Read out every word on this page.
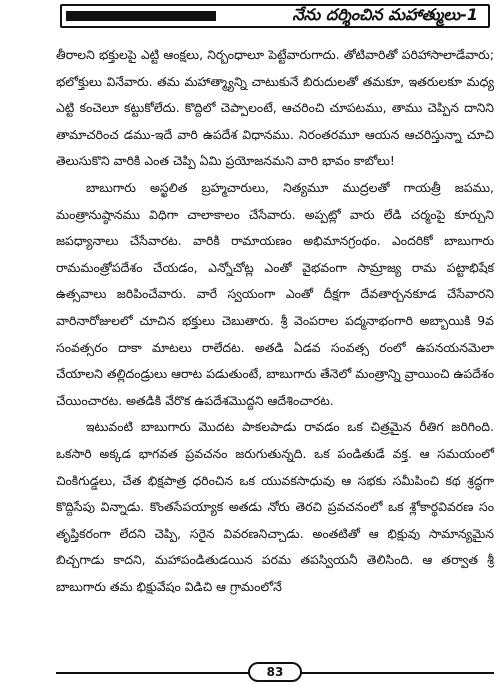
నేను దర్శించిన మహాత్ములు-1

తీరాలని భక్తులపై ఎట్టి ఆంక్షలు, నిర్బంధాలూ పెట్టేవారుగాదు. తోటివారితో పరిహాసాలాడేవారు; భలోక్తులు వినేవారు. తమ మహాత్మ్యాన్ని చాటుకునే బిరుదులతో తమకూ, ఇతరులకూ మధ్య ఎట్టి కంచెలూ కట్టుకోలేదు. కొద్దిలో చెప్పాలంటే, ఆచరించి చూపటము, తాము చెప్పిన దానిని తామాచరించ డము-ఇదే వారి ఉపదేశ విధానము. నిరంతరమూ ఆయన ఆచరిస్తున్నా చూచి తెలుసుకొని వారికి ఎంత చెప్పి ఏమి ప్రయోజనమని వారి భావం కాబోలు!

బాబుగారు అస్ఖలిత బ్రహ్మచారులు, నిత్యమూ ముద్రలతో గాయత్రీ జపము, మంత్రానుష్ఠానము విధిగా చాలాకాలం చేసేవారు. అప్పట్లో వారు లేడి చర్మంపై కూర్చుని జపధ్యానాలు చేసేవారట. వారికి రామాయణం అభిమానగ్రంథం. ఎందరికో బాబుగారు రామమంత్రోపదేశం చేయడం, ఎన్నోచోట్ల ఎంతో వైభవంగా సామ్రాజ్య రామ పట్టాభిషేక ఉత్సవాలు జరిపించేవారు. వారే స్వయంగా ఎంతో దీక్షగా దేవతార్చనకూడ చేసేవారని వారినారోజులలో చూచిన భక్తులు చెబుతారు. శ్రీ వెంపరాల పద్మనాభంగారి అబ్బాయికి 9వ సంవత్సరం దాకా మాటలు రాలేదట. అతడి ఏడవ సంవత్స రంలో ఉపనయనమెలా చేయాలని తల్లిదండ్రులు ఆరాట పడుతుంటే, బాబుగారు తేనెలో మంత్రాన్ని వ్రాయించి ఉపదేశం చేయించారట. అతడికి వేరొక ఉపదేశమొద్దని ఆదేశించారట.

ఇటువంటి బాబుగారు మొదట పాకలపాడు రావడం ఒక చిత్రమైన రీతిగ జరిగింది. ఒకసారి అక్కడ భాగవత ప్రవచనం జరుగుతున్నది. ఒక పండితుడే వక్త. ఆ సమయంలో చింకిగుడ్డలు, చేత భిక్షపాత్ర ధరించిన ఒక యువకసాధువు ఆ సభకు సమీపించి కథ శ్రద్ధగా కొద్దిసేపు విన్నాడు. కొంతసేపయ్యాక అతడు నోరు తెరచి ప్రవచనంలో ఒక శ్లోకార్థవివరణ సం తృప్తికరంగా లేదని చెప్పి, సరైన వివరణనిచ్చాడు. అంతటితో ఆ భిక్షువు సామాన్యమైన బిచ్చగాడు కాదని, మహాపండితుడయిన పరమ తపస్వియనీ తెలిసింది. ఆ తర్వాత శ్రీ బాబుగారు తమ భిక్షువేషం విడిచి ఆ గ్రామంలోనే

83
